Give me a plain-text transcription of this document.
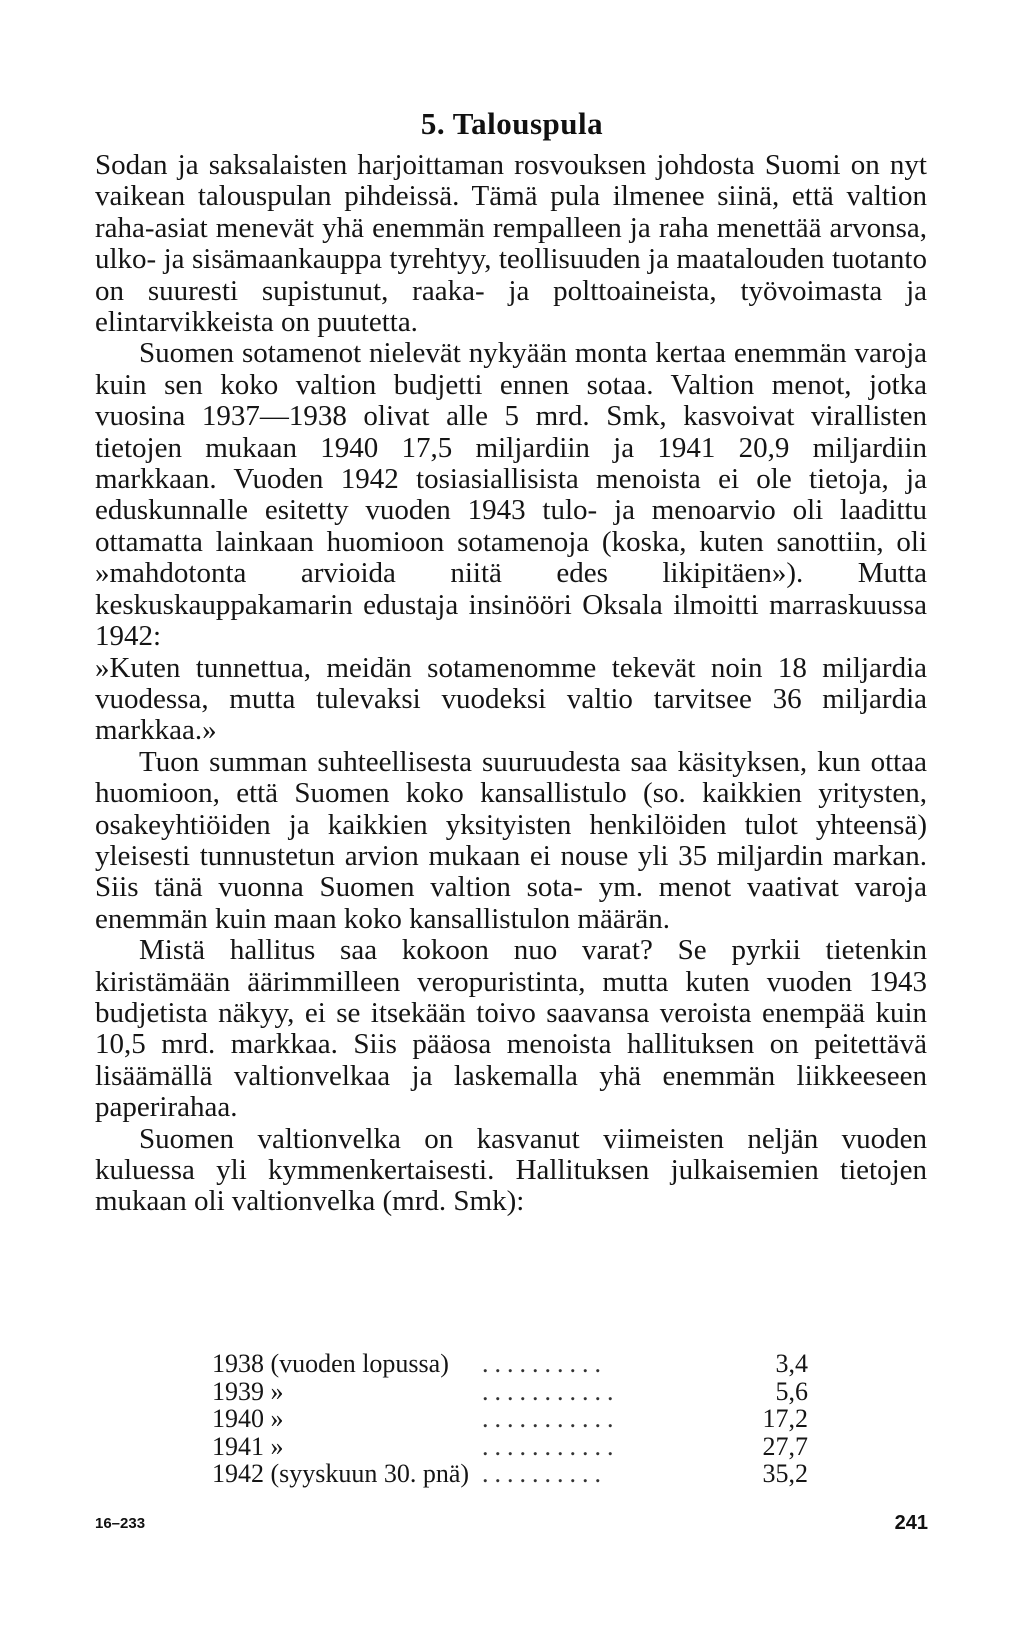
5. Talouspula

Sodan ja saksalaisten harjoittaman rosvouksen johdosta Suomi on nyt vaikean talouspulan pihdeissä. Tämä pula ilmenee siinä, että valtion raha-asiat menevät yhä enemmän rempalleen ja raha menettää arvonsa, ulko- ja sisämaankauppa tyrehtyy, teollisuuden ja maatalouden tuotanto on suuresti supistunut, raaka- ja polttoaineista, työvoimasta ja elintarvikkeista on puutetta.

Suomen sotamenot nielevät nykyään monta kertaa enemmän varoja kuin sen koko valtion budjetti ennen sotaa. Valtion menot, jotka vuosina 1937—1938 olivat alle 5 mrd. Smk, kasvoivat virallisten tietojen mukaan 1940 17,5 miljardiin ja 1941 20,9 miljardiin markkaan. Vuoden 1942 tosiasiallisista menoista ei ole tietoja, ja eduskunnalle esitetty vuoden 1943 tulo- ja menoarvio oli laadittu ottamatta lainkaan huomioon sotamenoja (koska, kuten sanottiin, oli »mahdotonta arvioida niitä edes likipitäen»). Mutta keskuskauppakamarin edustaja insinööri Oksala ilmoitti marraskuussa 1942:

»Kuten tunnettua, meidän sotamenomme tekevät noin 18 miljardia vuodessa, mutta tulevaksi vuodeksi valtio tarvitsee 36 miljardia markkaa.»

Tuon summan suhteellisesta suuruudesta saa käsityksen, kun ottaa huomioon, että Suomen koko kansallistulo (so. kaikkien yritysten, osakeyhtiöiden ja kaikkien yksityisten henkilöiden tulot yhteensä) yleisesti tunnustetun arvion mukaan ei nouse yli 35 miljardin markan. Siis tänä vuonna Suomen valtion sota- ym. menot vaativat varoja enemmän kuin maan koko kansallistulon määrän.

Mistä hallitus saa kokoon nuo varat? Se pyrkii tietenkin kiristämään äärimmilleen veropuristinta, mutta kuten vuoden 1943 budjetista näkyy, ei se itsekään toivo saavansa veroista enempää kuin 10,5 mrd. markkaa. Siis pääosa menoista hallituksen on peitettävä lisäämällä valtionvelkaa ja laskemalla yhä enemmän liikkeeseen paperirahaa.

Suomen valtionvelka on kasvanut viimeisten neljän vuoden kuluessa yli kymmenkertaisesti. Hallituksen julkaisemien tietojen mukaan oli valtionvelka (mrd. Smk):

1938 (vuoden lopussa)	..........	3,4
1939 »	...........	5,6
1940 »	...........	17,2
1941 »	...........	27,7
1942 (syyskuun 30. pnä)	..........	35,2
16–233	241
